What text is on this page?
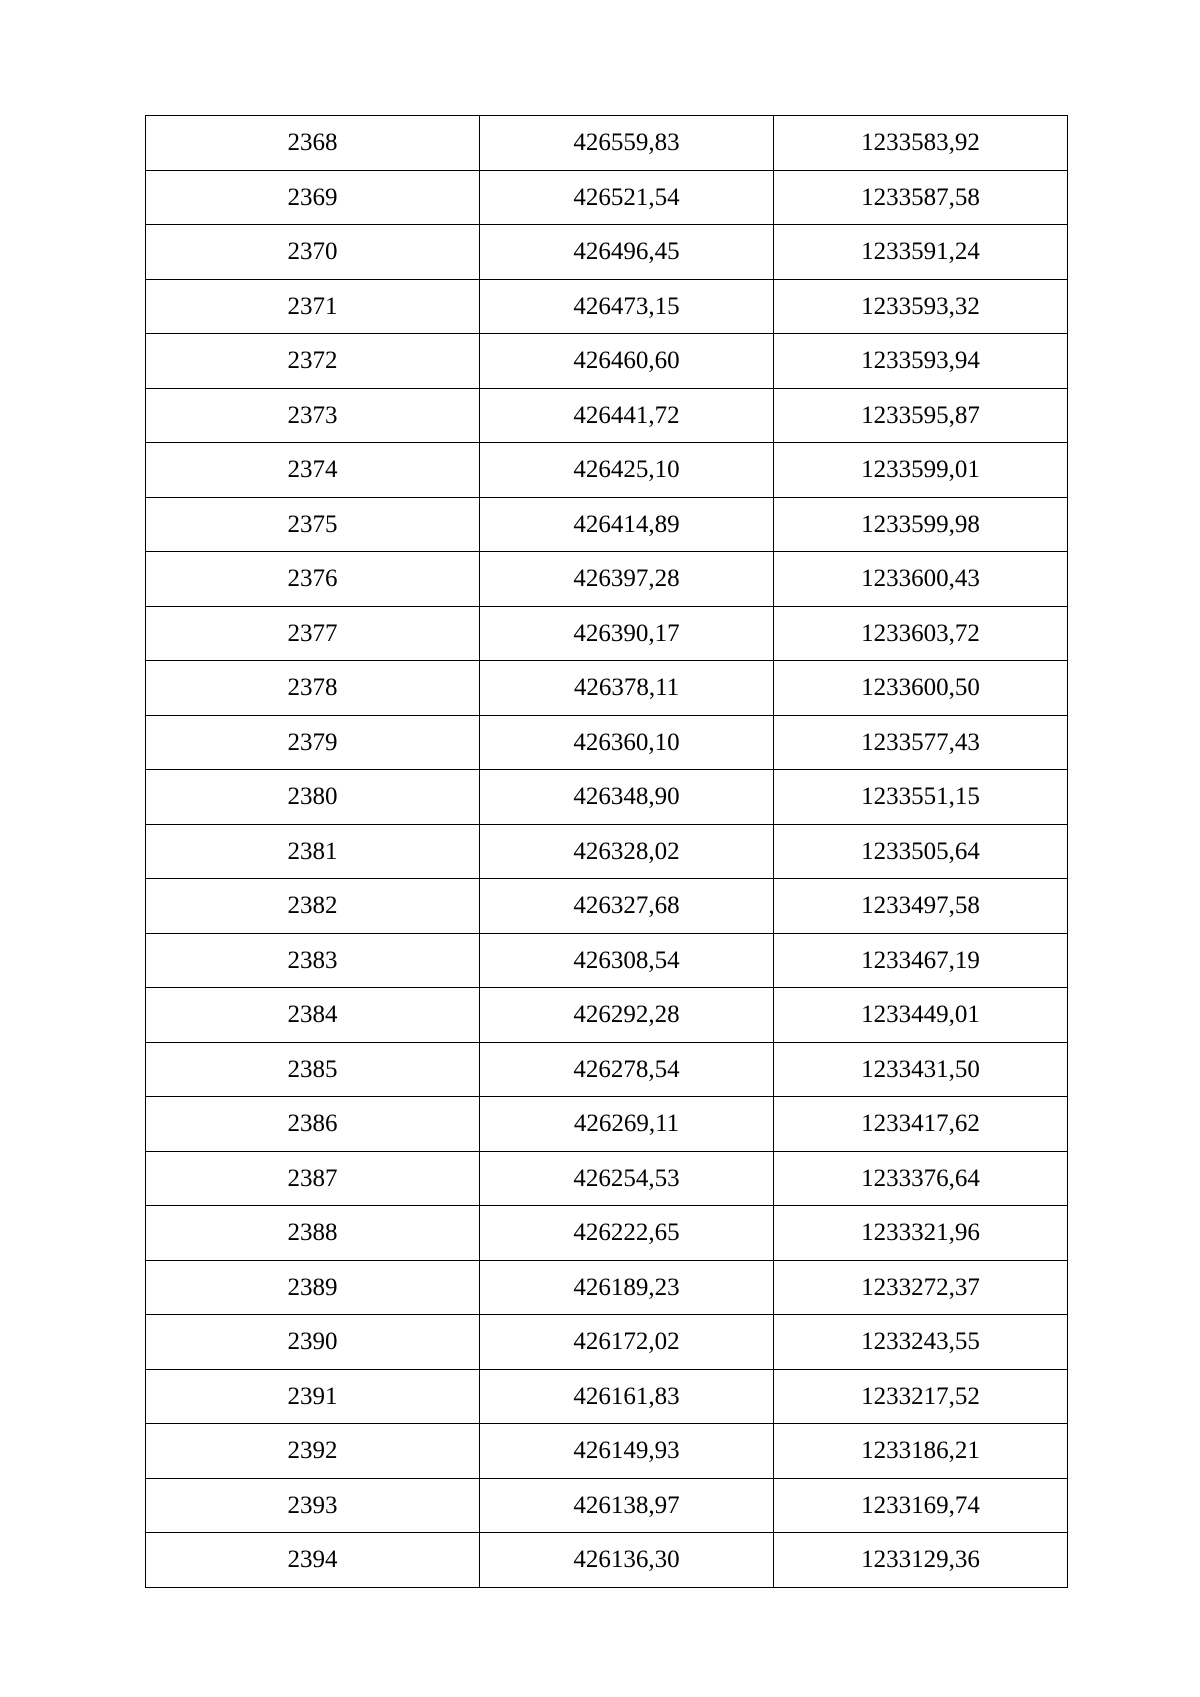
2368	426559,83	1233583,92
2369	426521,54	1233587,58
2370	426496,45	1233591,24
2371	426473,15	1233593,32
2372	426460,60	1233593,94
2373	426441,72	1233595,87
2374	426425,10	1233599,01
2375	426414,89	1233599,98
2376	426397,28	1233600,43
2377	426390,17	1233603,72
2378	426378,11	1233600,50
2379	426360,10	1233577,43
2380	426348,90	1233551,15
2381	426328,02	1233505,64
2382	426327,68	1233497,58
2383	426308,54	1233467,19
2384	426292,28	1233449,01
2385	426278,54	1233431,50
2386	426269,11	1233417,62
2387	426254,53	1233376,64
2388	426222,65	1233321,96
2389	426189,23	1233272,37
2390	426172,02	1233243,55
2391	426161,83	1233217,52
2392	426149,93	1233186,21
2393	426138,97	1233169,74
2394	426136,30	1233129,36
